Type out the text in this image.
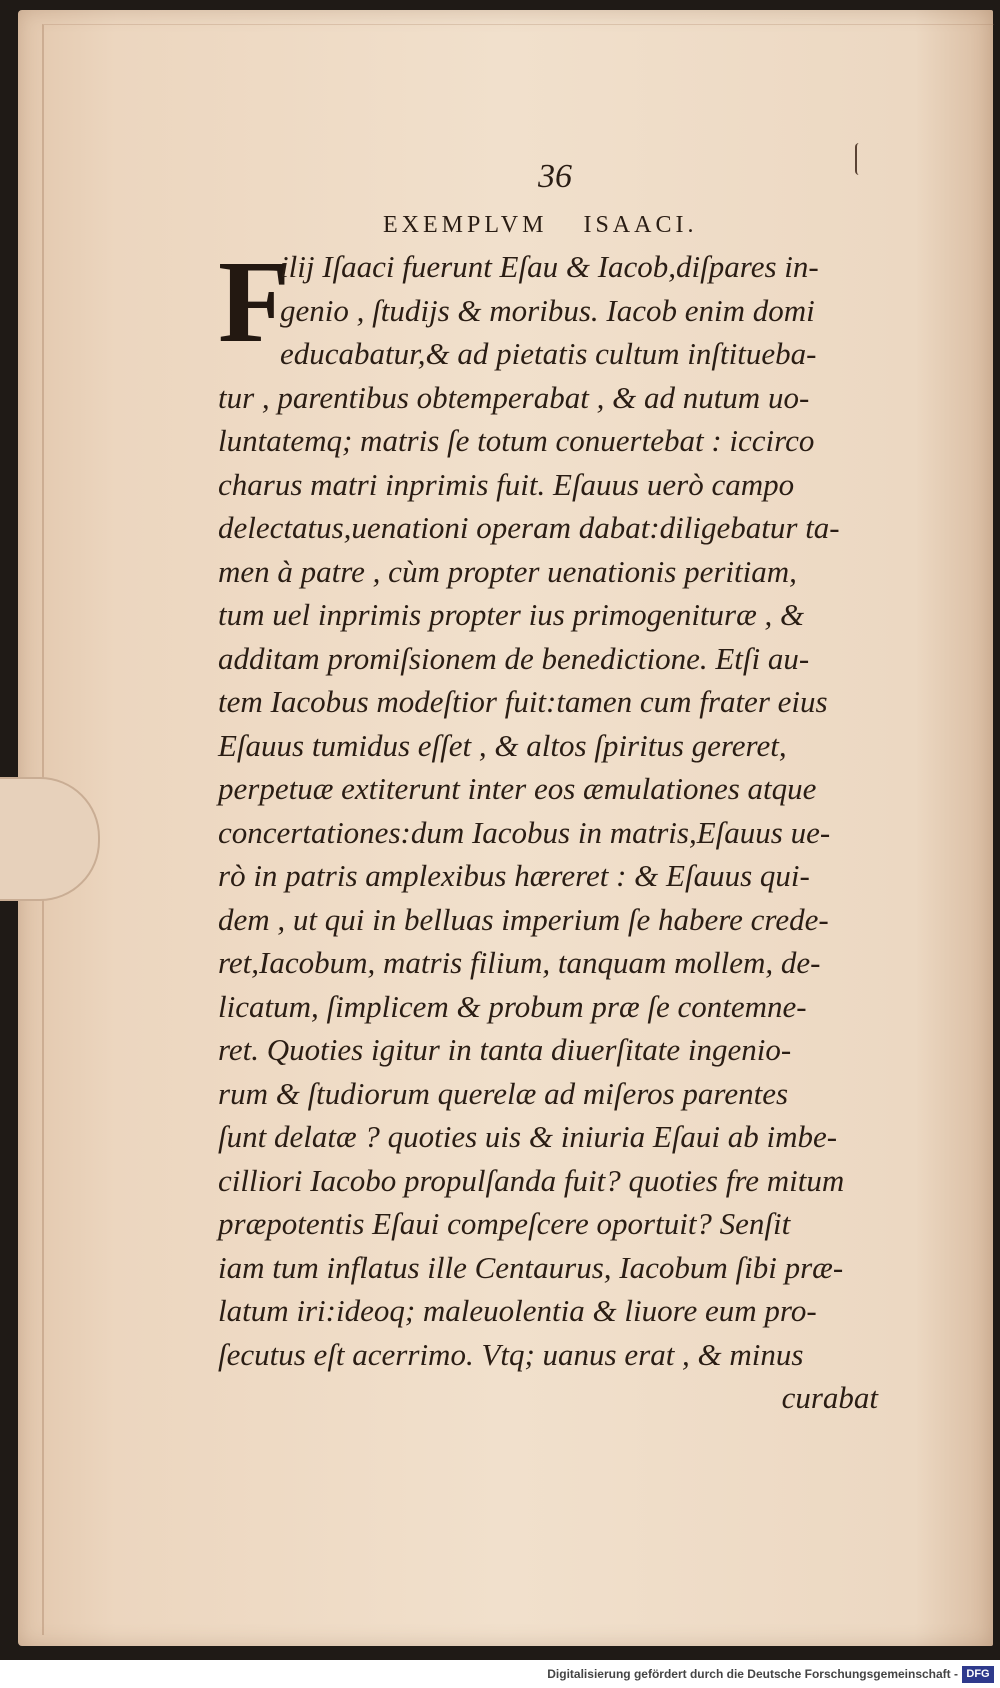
36
EXEMPLVM ISAACI.
F
ilij Iſaaci fuerunt Eſau & Iacob,diſpares in-
genio , ſtudijs & moribus. Iacob enim domi
educabatur,& ad pietatis cultum inſtitueba-
tur , parentibus obtemperabat , & ad nutum uo-
luntatemq; matris ſe totum conuertebat : iccirco
charus matri inprimis fuit. Eſauus uerò campo
delectatus,uenationi operam dabat:diligebatur ta-
men à patre , cùm propter uenationis peritiam,
tum uel inprimis propter ius primogenituræ , &
additam promiſsionem de benedictione. Etſi au-
tem Iacobus modeſtior fuit:tamen cum frater eius
Eſauus tumidus eſſet , & altos ſpiritus gereret,
perpetuæ extiterunt inter eos æmulationes atque
concertationes:dum Iacobus in matris,Eſauus ue-
rò in patris amplexibus hæreret : & Eſauus qui-
dem , ut qui in belluas imperium ſe habere crede-
ret,Iacobum, matris filium, tanquam mollem, de-
licatum, ſimplicem & probum præ ſe contemne-
ret. Quoties igitur in tanta diuerſitate ingenio-
rum & ſtudiorum querelæ ad miſeros parentes
ſunt delatæ ? quoties uis & iniuria Eſaui ab imbe-
cilliori Iacobo propulſanda fuit? quoties fre mitum
præpotentis Eſaui compeſcere oportuit? Senſit
iam tum inflatus ille Centaurus, Iacobum ſibi præ-
latum iri:ideoq; maleuolentia & liuore eum pro-
ſecutus eſt acerrimo. Vtq; uanus erat , & minus
curabat
Digitalisierung gefördert durch die Deutsche Forschungsgemeinschaft - DFG
